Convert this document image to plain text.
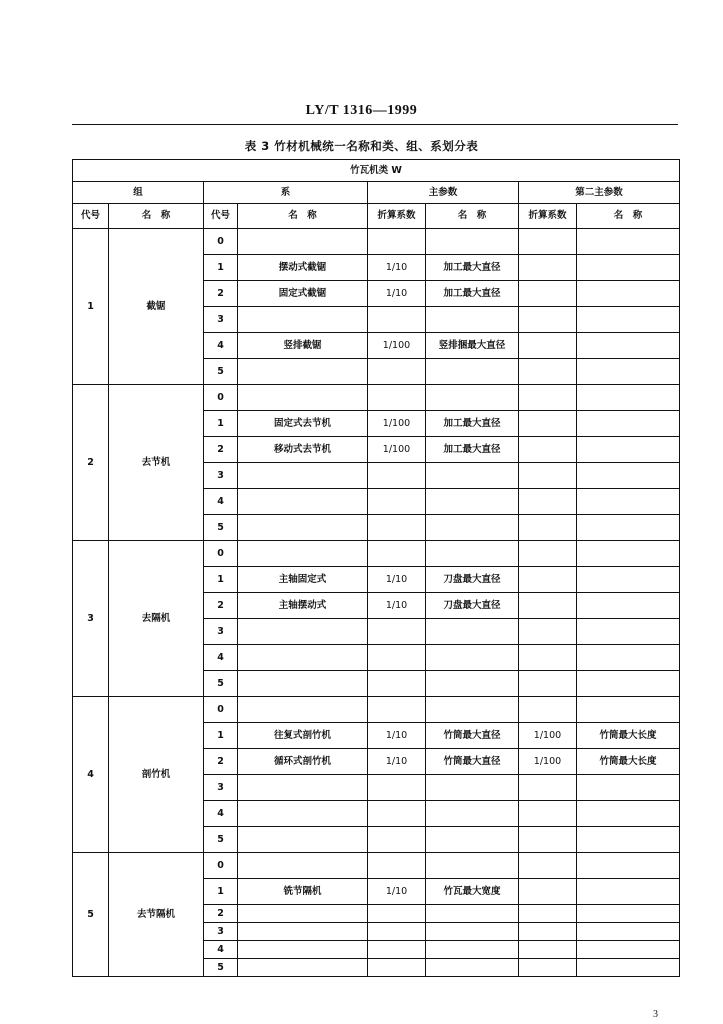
LY/T 1316—1999
表 3 竹材机械统一名称和类、组、系划分表
竹瓦机类 W							
组		系		主参数		第二主参数	
代号	名　称	代号	名　称	折算系数	名　称	折算系数	名　称
1	截锯	0					
		1	摆动式截锯	1/10	加工最大直径		
		2	固定式截锯	1/10	加工最大直径		
		3					
		4	竖排截锯	1/100	竖排捆最大直径		
		5					
2	去节机	0					
		1	固定式去节机	1/100	加工最大直径		
		2	移动式去节机	1/100	加工最大直径		
		3					
		4					
		5					
3	去隔机	0					
		1	主轴固定式	1/10	刀盘最大直径		
		2	主轴摆动式	1/10	刀盘最大直径		
		3					
		4					
		5					
4	剖竹机	0					
		1	往复式剖竹机	1/10	竹筒最大直径	1/100	竹筒最大长度
		2	循环式剖竹机	1/10	竹筒最大直径	1/100	竹筒最大长度
		3					
		4					
		5					
5	去节隔机	0					
		1	铣节隔机	1/10	竹瓦最大宽度		
		2					
		3					
		4					
		5					
3
